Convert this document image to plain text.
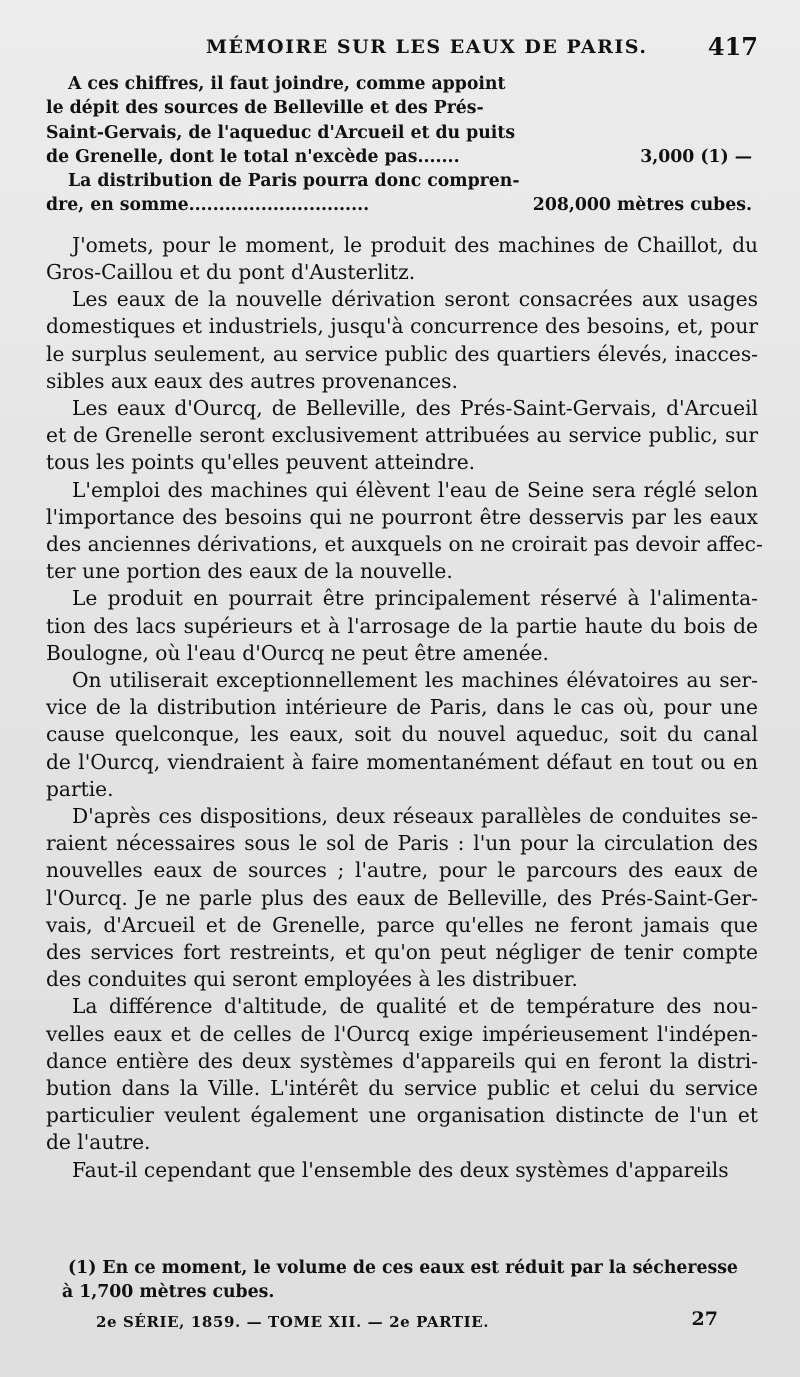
MÉMOIRE SUR LES EAUX DE PARIS.	417
A ces chiffres, il faut joindre, comme appoint
le dépit des sources de Belleville et des Prés-
Saint-Gervais, de l'aqueduc d'Arcueil et du puits
de Grenelle, dont le total n'excède pas .......	3,000 (1) —
La distribution de Paris pourra donc compren-
dre, en somme ..............................	208,000 mètres cubes.

J'omets, pour le moment, le produit des machines de Chaillot, du
Gros-Caillou et du pont d'Austerlitz.

Les eaux de la nouvelle dérivation seront consacrées aux usages
domestiques et industriels, jusqu'à concurrence des besoins, et, pour
le surplus seulement, au service public des quartiers élevés, inacces-
sibles aux eaux des autres provenances.

Les eaux d'Ourcq, de Belleville, des Prés-Saint-Gervais, d'Arcueil
et de Grenelle seront exclusivement attribuées au service public, sur
tous les points qu'elles peuvent atteindre.

L'emploi des machines qui élèvent l'eau de Seine sera réglé selon
l'importance des besoins qui ne pourront être desservis par les eaux
des anciennes dérivations, et auxquels on ne croirait pas devoir affec-
ter une portion des eaux de la nouvelle.

Le produit en pourrait être principalement réservé à l'alimenta-
tion des lacs supérieurs et à l'arrosage de la partie haute du bois de
Boulogne, où l'eau d'Ourcq ne peut être amenée.

On utiliserait exceptionnellement les machines élévatoires au ser-
vice de la distribution intérieure de Paris, dans le cas où, pour une
cause quelconque, les eaux, soit du nouvel aqueduc, soit du canal
de l'Ourcq, viendraient à faire momentanément défaut en tout ou en
partie.

D'après ces dispositions, deux réseaux parallèles de conduites se-
raient nécessaires sous le sol de Paris : l'un pour la circulation des
nouvelles eaux de sources ; l'autre, pour le parcours des eaux de
l'Ourcq. Je ne parle plus des eaux de Belleville, des Prés-Saint-Ger-
vais, d'Arcueil et de Grenelle, parce qu'elles ne feront jamais que
des services fort restreints, et qu'on peut négliger de tenir compte
des conduites qui seront employées à les distribuer.

La différence d'altitude, de qualité et de température des nou-
velles eaux et de celles de l'Ourcq exige impérieusement l'indépen-
dance entière des deux systèmes d'appareils qui en feront la distri-
bution dans la Ville. L'intérêt du service public et celui du service
particulier veulent également une organisation distincte de l'un et
de l'autre.

Faut-il cependant que l'ensemble des deux systèmes d'appareils

(1) En ce moment, le volume de ces eaux est réduit par la sécheresse
à 1,700 mètres cubes.
2e SÉRIE, 1859. — TOME XII. — 2e PARTIE.	27
